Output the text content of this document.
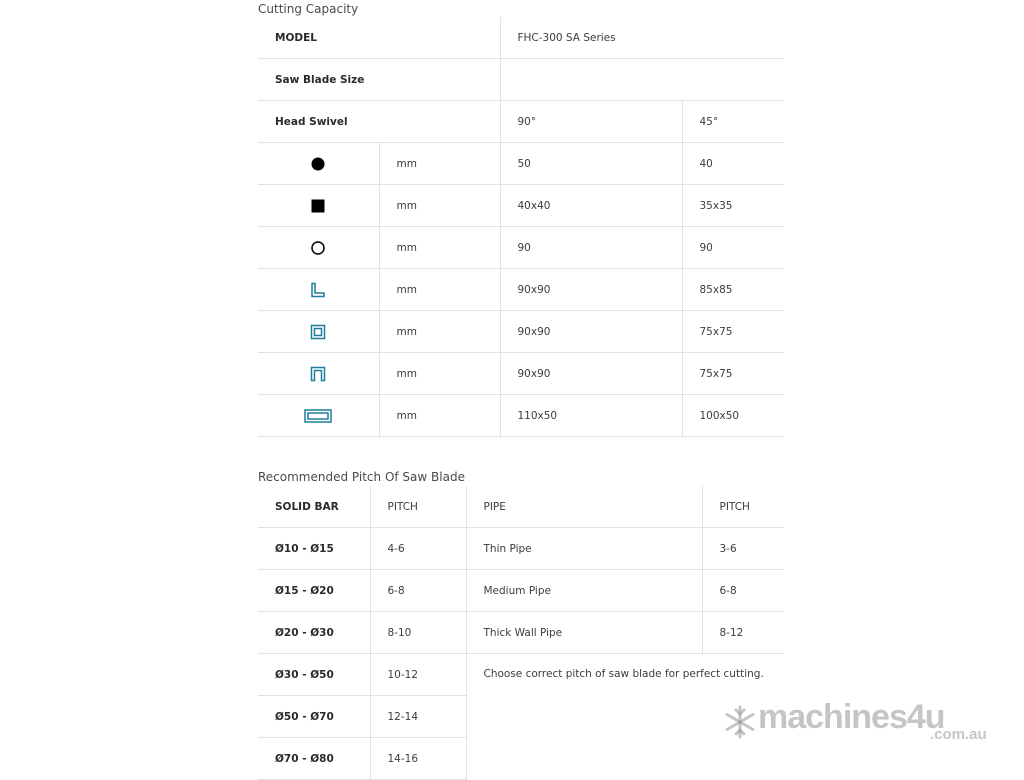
Cutting Capacity
MODEL		FHC-300 SA Series	
Saw Blade Size			
Head Swivel		90°	45°
	mm	50	40
	mm	40x40	35x35
	mm	90	90
	mm	90x90	85x85
	mm	90x90	75x75
	mm	90x90	75x75
	mm	110x50	100x50
Recommended Pitch Of Saw Blade
SOLID BAR	PITCH	PIPE	PITCH
Ø10 - Ø15	4-6	Thin Pipe	3-6
Ø15 - Ø20	6-8	Medium Pipe	6-8
Ø20 - Ø30	8-10	Thick Wall Pipe	8-12
Ø30 - Ø50	10-12	Choose correct pitch of saw blade for perfect cutting.	
Ø50 - Ø70	12-14		
Ø70 - Ø80	14-16		
machines4u
.com.au
